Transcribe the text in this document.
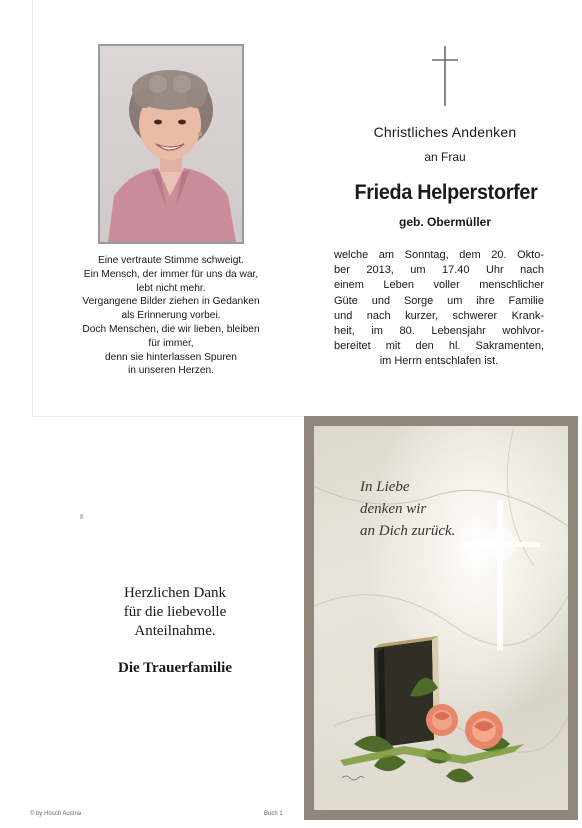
Eine vertraute Stimme schweigt.
Ein Mensch, der immer für uns da war,
lebt nicht mehr.
Vergangene Bilder ziehen in Gedanken
als Erinnerung vorbei.
Doch Menschen, die wir lieben, bleiben
für immer,
denn sie hinterlassen Spuren
in unseren Herzen.
Christliches Andenken
an Frau
Frieda Helperstorfer
geb. Obermüller
welche am Sonntag, dem 20. Okto-
ber 2013, um 17.40 Uhr nach
einem Leben voller menschlicher
Güte und Sorge um ihre Familie
und nach kurzer, schwerer Krank-
heit, im 80. Lebensjahr wohlvor-
bereitet mit den hl. Sakramenten,
im Herrn entschlafen ist.
Herzlichen Dank
für die liebevolle
Anteilnahme.
Die Trauerfamilie
© by Hosch Austria	Buch 1
In Liebe
denken wir
an Dich zurück.
